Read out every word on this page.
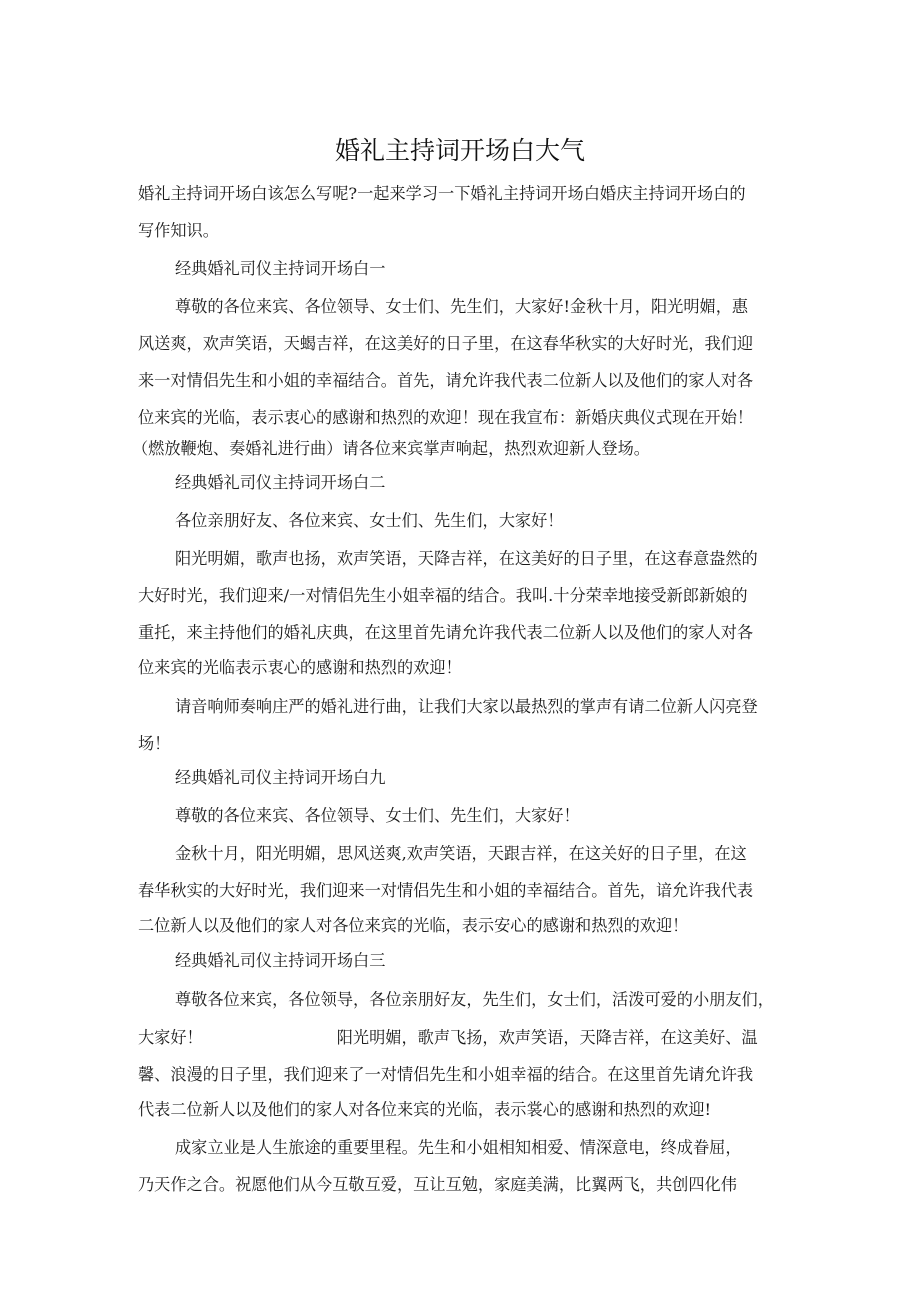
婚礼主持词开场白大气
婚礼主持词开场白该怎么写呢?一起来学习一下婚礼主持词开场白婚庆主持词开场白的
写作知识。
经典婚礼司仪主持词开场白一
尊敬的各位来宾、各位领导、女士们、先生们，大家好!金秋十月，阳光明媚，惠
风送爽，欢声笑语，天蝎吉祥，在这美好的日子里，在这春华秋实的大好时光，我们迎
来一对情侣先生和小姐的幸福结合。首先，请允许我代表二位新人以及他们的家人对各
位来宾的光临，表示衷心的感谢和热烈的欢迎！现在我宣布：新婚庆典仪式现在开始！
（燃放鞭炮、奏婚礼进行曲）请各位来宾掌声响起，热烈欢迎新人登场。
经典婚礼司仪主持词开场白二
各位亲朋好友、各位来宾、女士们、先生们，大家好！
阳光明媚，歌声也扬，欢声笑语，天降吉祥，在这美好的日子里，在这春意盎然的
大好时光，我们迎来/一对情侣先生小姐幸福的结合。我叫.十分荣幸地接受新郎新娘的
重托，来主持他们的婚礼庆典，在这里首先请允许我代表二位新人以及他们的家人对各
位来宾的光临表示衷心的感谢和热烈的欢迎！
请音响师奏响庄严的婚礼进行曲，让我们大家以最热烈的掌声有请二位新人闪亮登
场！
经典婚礼司仪主持词开场白九
尊敬的各位来宾、各位领导、女士们、先生们，大家好！
金秋十月，阳光明媚，思风送爽,欢声笑语，天跟吉祥，在这关好的日子里，在这
春华秋实的大好时光，我们迎来一对情侣先生和小姐的幸福结合。首先，谙允许我代表
二位新人以及他们的家人对各位来宾的光临，表示安心的感谢和热烈的欢迎！
经典婚礼司仪主持词开场白三
尊敬各位来宾，各位领导，各位亲朋好友，先生们，女士们，活泼可爱的小朋友们，
大家好！	阳光明媚，歌声飞扬，欢声笑语，天降吉祥，在这美好、温
馨、浪漫的日子里，我们迎来了一对情侣先生和小姐幸福的结合。在这里首先请允许我
代表二位新人以及他们的家人对各位来宾的光临，表示裳心的感谢和热烈的欢迎!
成家立业是人生旅途的重要里程。先生和小姐相知相爱、情深意电，终成眷屈，
乃天作之合。祝愿他们从今互敬互爱，互让互勉，家庭美满，比翼两飞，共创四化伟
